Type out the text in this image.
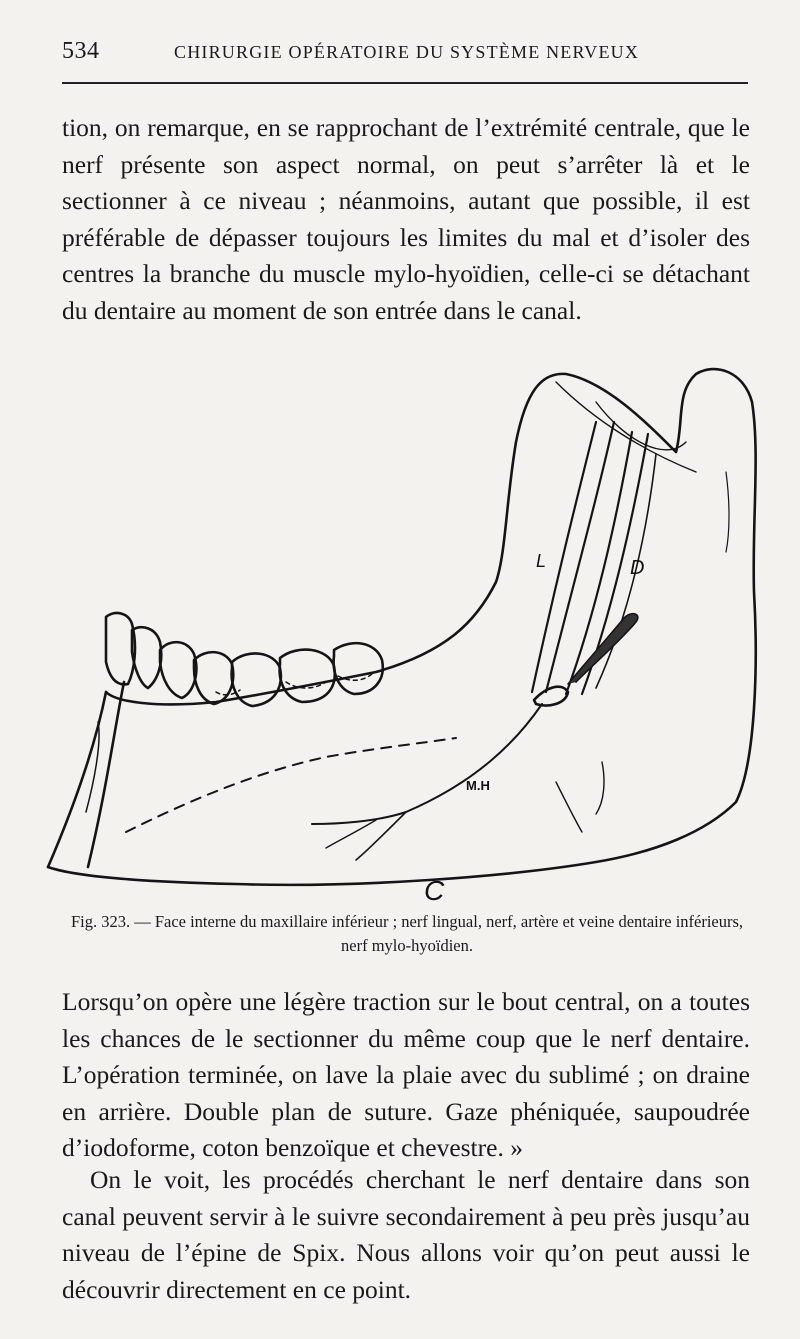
534	CHIRURGIE OPÉRATOIRE DU SYSTÈME NERVEUX

tion, on remarque, en se rapprochant de l’extrémité centrale, que le nerf présente son aspect normal, on peut s’arrêter là et le sectionner à ce niveau ; néanmoins, autant que possible, il est préférable de dépasser toujours les limites du mal et d’isoler des centres la branche du muscle mylo-hyoïdien, celle-ci se détachant du dentaire au moment de son entrée dans le canal.

L	D
M.H
C
Fig. 323. — Face interne du maxillaire inférieur ; nerf lingual, nerf, artère et veine dentaire inférieurs, nerf mylo-hyoïdien.

Lorsqu’on opère une légère traction sur le bout central, on a toutes les chances de le sectionner du même coup que le nerf dentaire. L’opération terminée, on lave la plaie avec du sublimé ; on draine en arrière. Double plan de suture. Gaze phéniquée, saupoudrée d’iodoforme, coton benzoïque et chevestre. »

On le voit, les procédés cherchant le nerf dentaire dans son canal peuvent servir à le suivre secondairement à peu près jusqu’au niveau de l’épine de Spix. Nous allons voir qu’on peut aussi le découvrir directement en ce point.
